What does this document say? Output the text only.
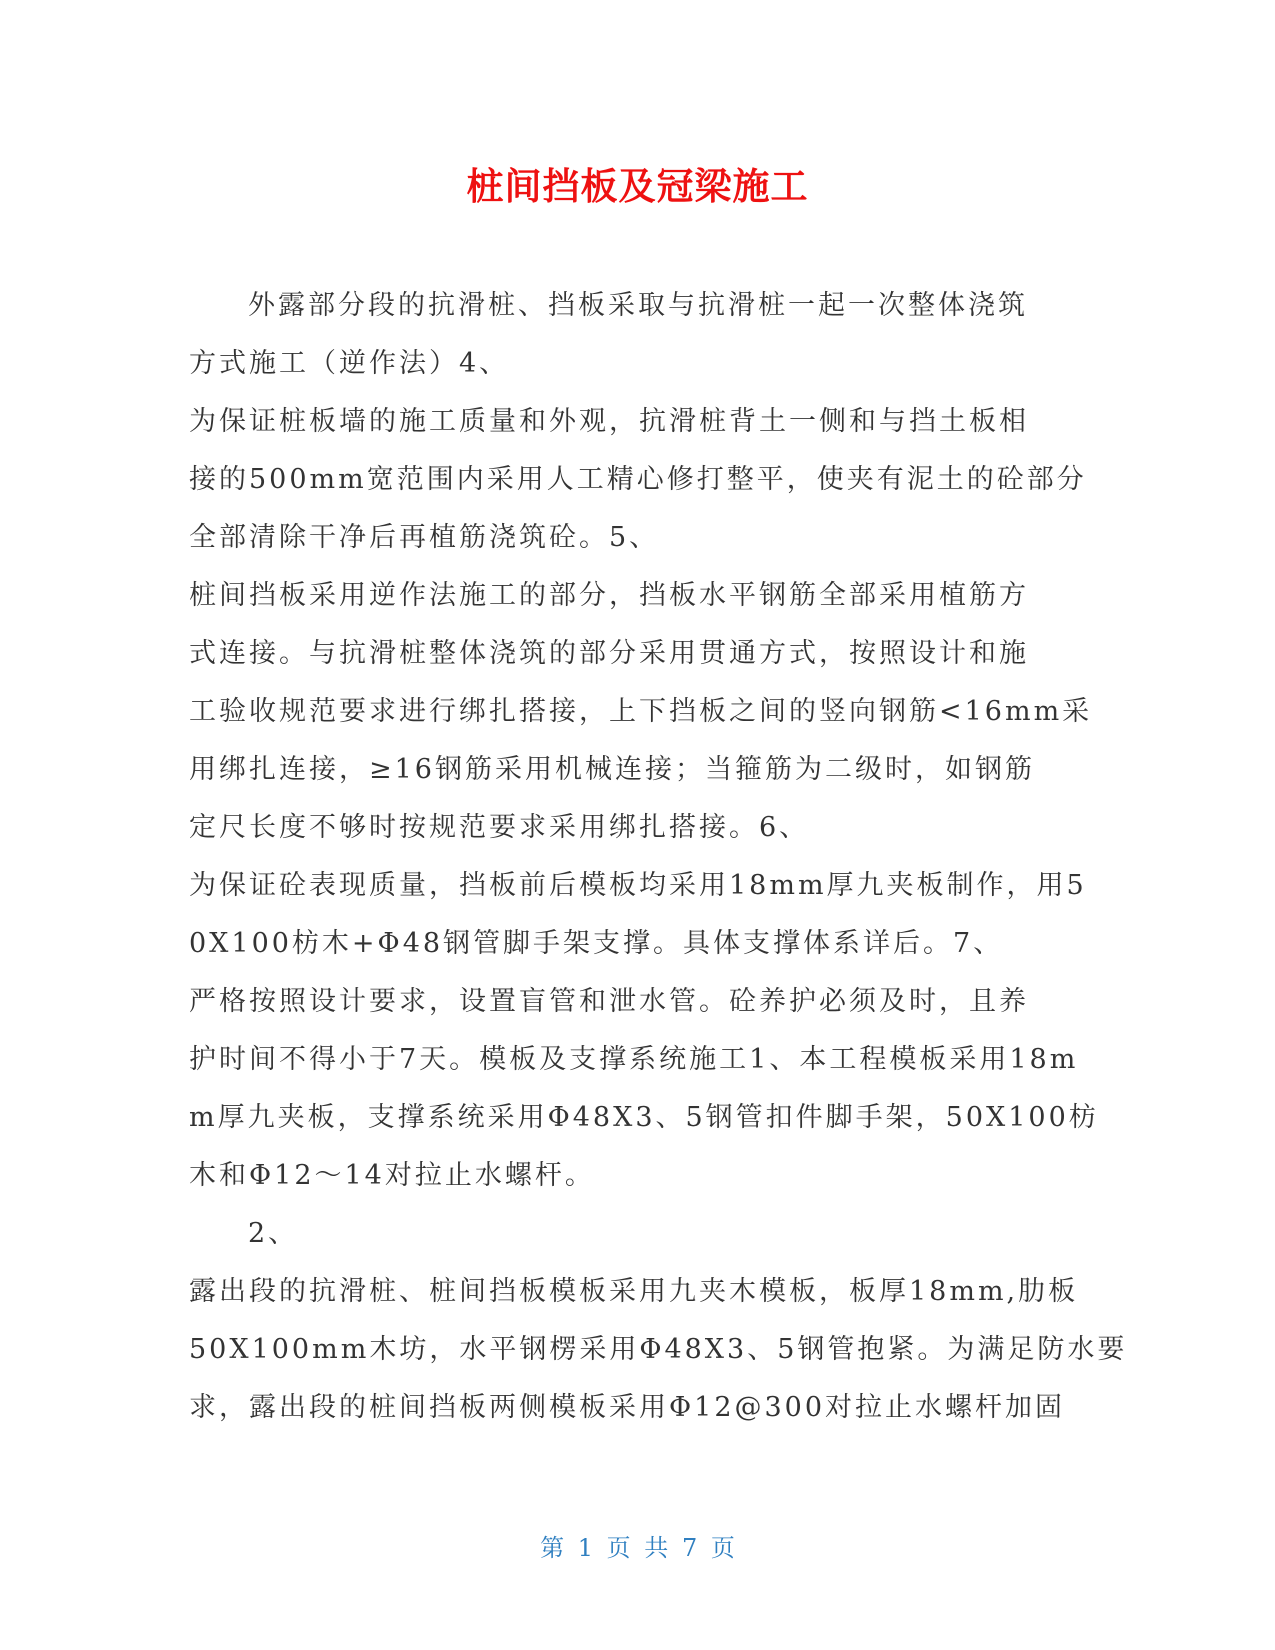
桩间挡板及冠梁施工
外露部分段的抗滑桩、挡板采取与抗滑桩一起一次整体浇筑
方式施工（逆作法）4、
为保证桩板墙的施工质量和外观，抗滑桩背土一侧和与挡土板相
接的500mm宽范围内采用人工精心修打整平，使夹有泥土的砼部分
全部清除干净后再植筋浇筑砼。5、
桩间挡板采用逆作法施工的部分，挡板水平钢筋全部采用植筋方
式连接。与抗滑桩整体浇筑的部分采用贯通方式，按照设计和施
工验收规范要求进行绑扎搭接，上下挡板之间的竖向钢筋<16mm采
用绑扎连接，≥16钢筋采用机械连接；当箍筋为二级时，如钢筋
定尺长度不够时按规范要求采用绑扎搭接。6、
为保证砼表现质量，挡板前后模板均采用18mm厚九夹板制作，用5
0X100枋木+Φ48钢管脚手架支撑。具体支撑体系详后。7、
严格按照设计要求，设置盲管和泄水管。砼养护必须及时，且养
护时间不得小于7天。模板及支撑系统施工1、本工程模板采用18m
m厚九夹板，支撑系统采用Φ48X3、5钢管扣件脚手架，50X100枋
木和Φ12～14对拉止水螺杆。
2、
露出段的抗滑桩、桩间挡板模板采用九夹木模板，板厚18mm,肋板
50X100mm木坊，水平钢楞采用Φ48X3、5钢管抱紧。为满足防水要
求，露出段的桩间挡板两侧模板采用Φ12@300对拉止水螺杆加固
第 1 页 共 7 页
